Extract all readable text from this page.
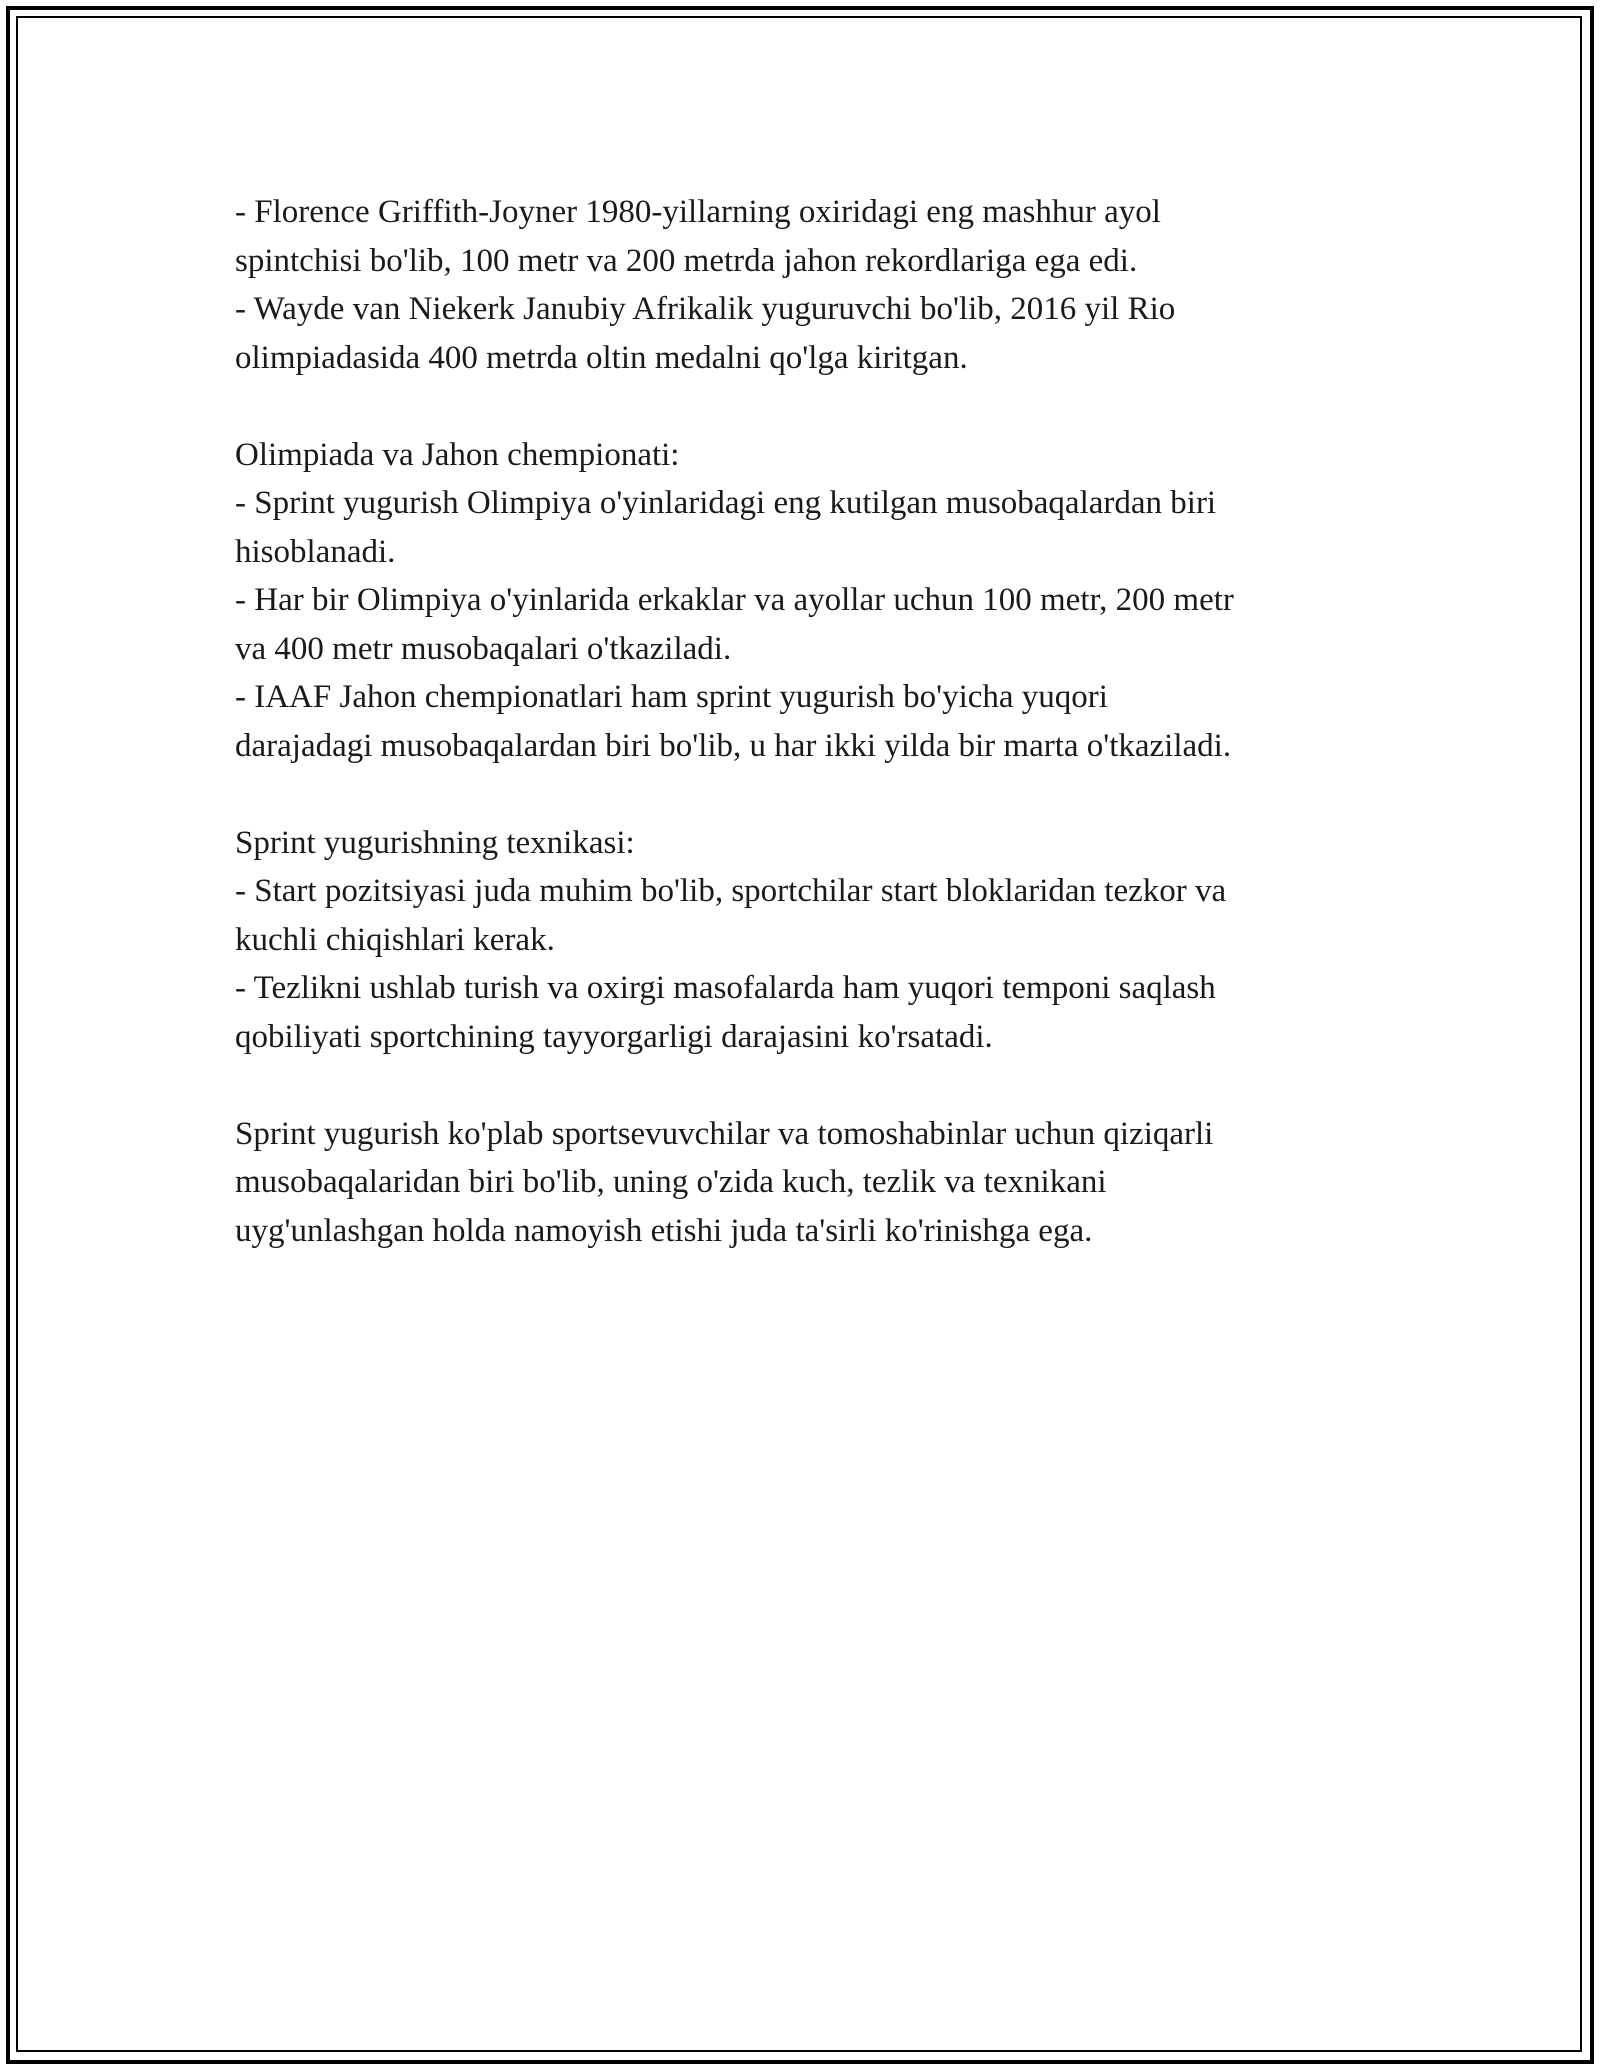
- Florence Griffith-Joyner 1980-yillarning oxiridagi eng mashhur ayol

spintchisi bo'lib, 100 metr va 200 metrda jahon rekordlariga ega edi.

- Wayde van Niekerk Janubiy Afrikalik yuguruvchi bo'lib, 2016 yil Rio

olimpiadasida 400 metrda oltin medalni qo'lga kiritgan.

Olimpiada va Jahon chempionati:

- Sprint yugurish Olimpiya o'yinlaridagi eng kutilgan musobaqalardan biri

hisoblanadi.

- Har bir Olimpiya o'yinlarida erkaklar va ayollar uchun 100 metr, 200 metr

va 400 metr musobaqalari o'tkaziladi.

- IAAF Jahon chempionatlari ham sprint yugurish bo'yicha yuqori

darajadagi musobaqalardan biri bo'lib, u har ikki yilda bir marta o'tkaziladi.

Sprint yugurishning texnikasi:

- Start pozitsiyasi juda muhim bo'lib, sportchilar start bloklaridan tezkor va

kuchli chiqishlari kerak.

- Tezlikni ushlab turish va oxirgi masofalarda ham yuqori temponi saqlash

qobiliyati sportchining tayyorgarligi darajasini ko'rsatadi.

Sprint yugurish ko'plab sportsevuvchilar va tomoshabinlar uchun qiziqarli

musobaqalaridan biri bo'lib, uning o'zida kuch, tezlik va texnikani

uyg'unlashgan holda namoyish etishi juda ta'sirli ko'rinishga ega.
